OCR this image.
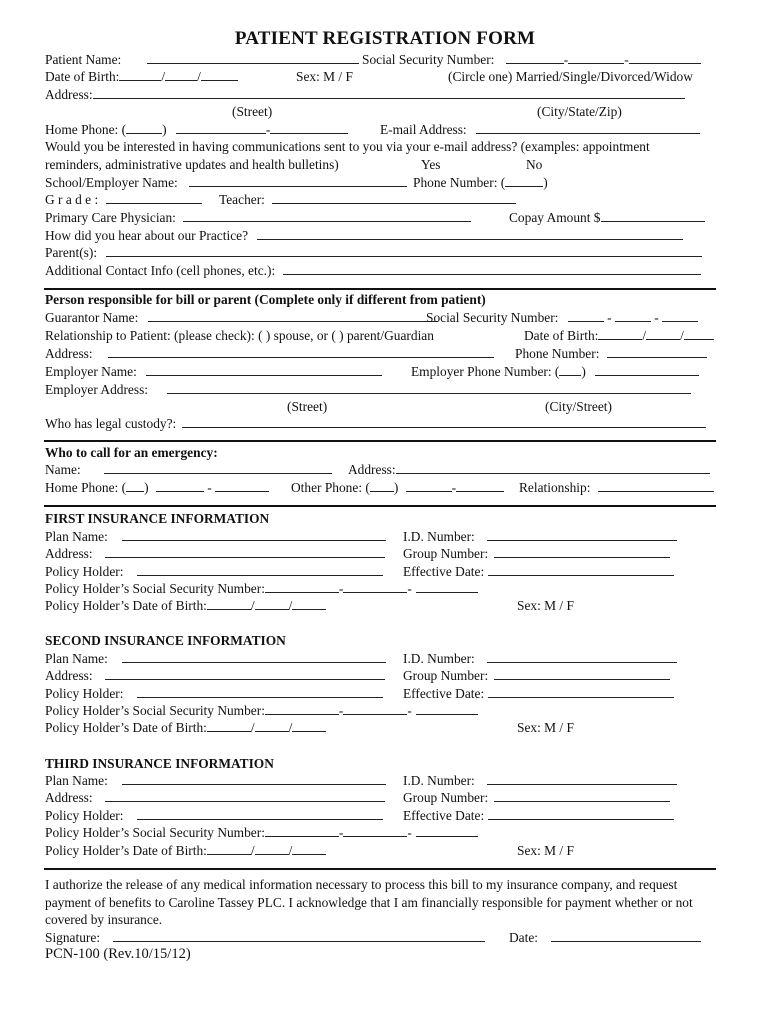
PATIENT REGISTRATION FORM
Patient Name:	Social Security Number:	-	-
Date of Birth:	/ /	Sex: M / F	(Circle one) Married/Single/Divorced/Widow
Address:
(Street)	(City/State/Zip)
Home Phone: (	)	-	E-mail Address:
Would you be interested in having communications sent to you via your e-mail address? (examples: appointment
reminders, administrative updates and health bulletins)	Yes	No
School/Employer Name:	Phone Number: (	)
G r a d e :	Teacher:
Primary Care Physician:	Copay Amount $
How did you hear about our Practice?
Parent(s):
Additional Contact Info (cell phones, etc.):
Person responsible for bill or parent (Complete only if different from patient)
Guarantor Name:	Social Security Number:	-	-
Relationship to Patient: (please check): ( ) spouse, or ( ) parent/Guardian	Date of Birth:	/	/
Address:	Phone Number:
Employer Name:	Employer Phone Number: ( )
Employer Address:
(Street)	(City/Street)
Who has legal custody?:
Who to call for an emergency:
Name:	Address:
Home Phone: ( )	-	Other Phone: ( )	-	Relationship:
FIRST INSURANCE INFORMATION
Plan Name:	I.D. Number:
Address:	Group Number:
Policy Holder:	Effective Date:
Policy Holder’s Social Security Number:	-	-
Policy Holder’s Date of Birth:	/	/	Sex: M / F
SECOND INSURANCE INFORMATION
Plan Name:	I.D. Number:
Address:	Group Number:
Policy Holder:	Effective Date:
Policy Holder’s Social Security Number:	-	-
Policy Holder’s Date of Birth:	/	/	Sex: M / F
THIRD INSURANCE INFORMATION
Plan Name:	I.D. Number:
Address:	Group Number:
Policy Holder:	Effective Date:
Policy Holder’s Social Security Number:	-	-
Policy Holder’s Date of Birth:	/	/	Sex: M / F
I authorize the release of any medical information necessary to process this bill to my insurance company, and request payment of benefits to Caroline Tassey PLC. I acknowledge that I am financially responsible for payment whether or not covered by insurance.
Signature:	Date:
PCN-100 (Rev.10/15/12)
